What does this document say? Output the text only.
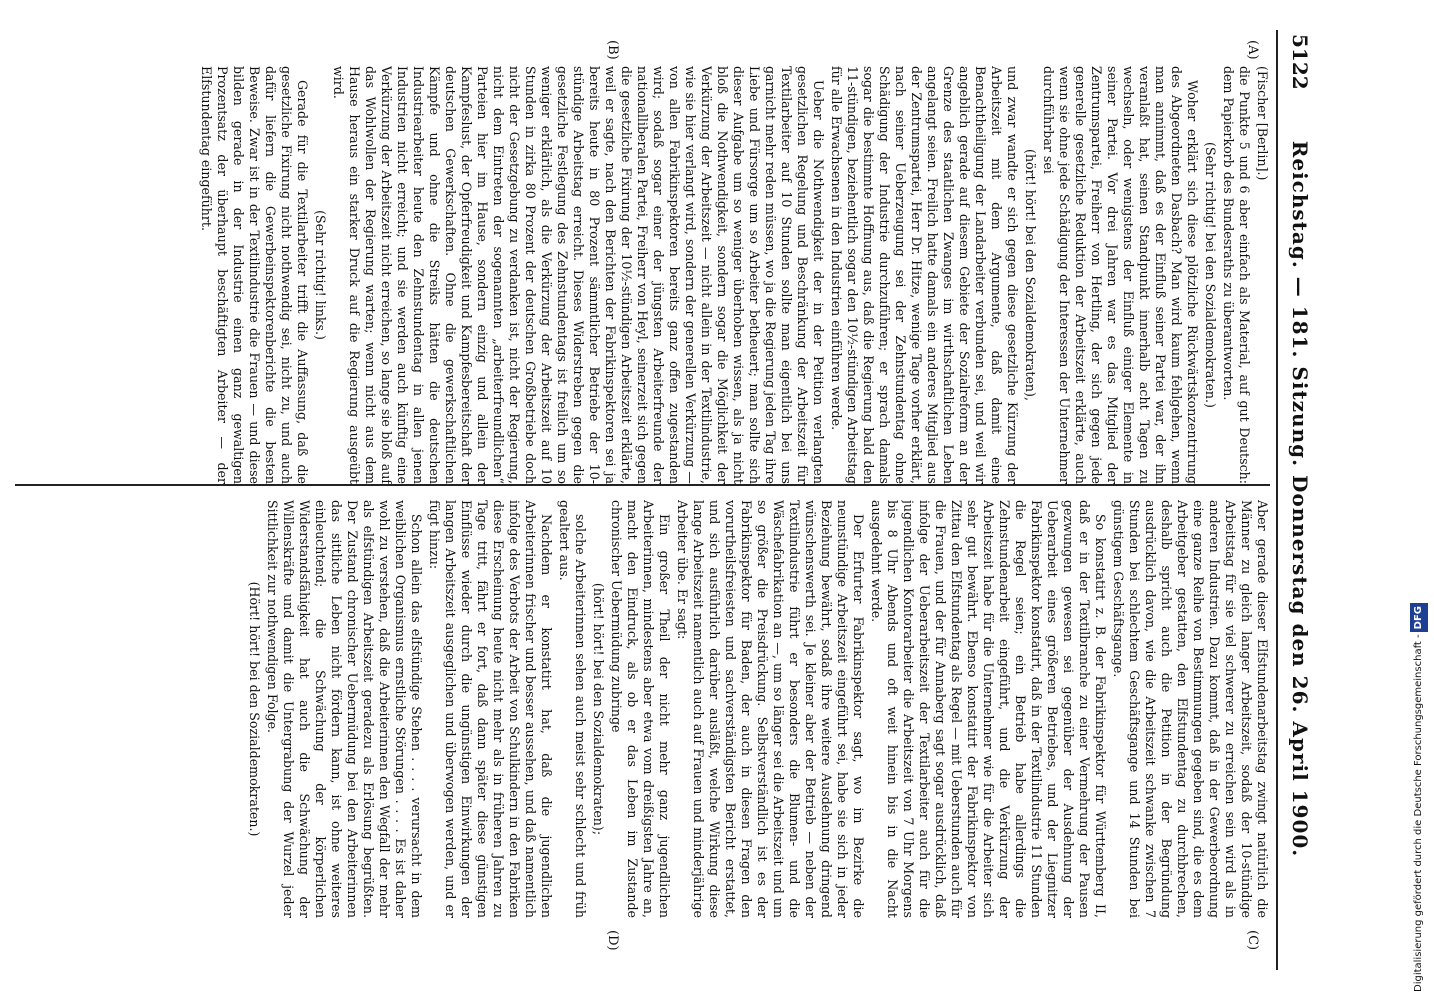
5122
Reichstag. — 181. Sitzung. Donnerstag den 26. April 1900.
(A)
(B)
(C)
(D)

(Fischer [Berlin].)

die Punkte 5 und 6 aber einfach als Material, auf gut Deutsch: dem Papierkorb des Bundesraths zu überantworten.

(Sehr richtig! bei den Sozialdemokraten.)

Woher erklärt sich diese plötzliche Rückwärtskonzentrirung des Abgeordneten Dasbach? Man wird kaum fehlgehen, wenn man annimmt, daß es der Einfluß seiner Partei war, der ihn veranlaßt hat, seinen Standpunkt innerhalb acht Tagen zu wechseln, oder wenigstens der Einfluß einiger Elemente in seiner Partei. Vor drei Jahren war es das Mitglied der Zentrumspartei, Freiherr von Hertling, der sich gegen jede generelle gesetzliche Reduktion der Arbeitszeit erklärte, auch wenn sie ohne jede Schädigung der Interessen der Unternehmer durchführbar sei

(hört! hört! bei den Sozialdemokraten),

und zwar wandte er sich gegen diese gesetzliche Kürzung der Arbeitszeit mit dem Argumente, daß damit eine Benachtheiligung der Landarbeiter verbunden sei, und weil wir angeblich gerade auf diesem Gebiete der Sozialreform an der Grenze des staatlichen Zwanges im wirthschaftlichen Leben angelangt seien. Freilich hatte damals ein anderes Mitglied aus der Zentrumspartei, Herr Dr. Hitze, wenige Tage vorher erklärt, nach seiner Ueberzeugung sei der Zehnstundentag ohne Schädigung der Industrie durchzuführen; er sprach damals sogar die bestimmte Hoffnung aus, daß die Regierung bald den 11-stündigen, beziehentlich sogar den 10½-stündigen Arbeitstag für alle Erwachsenen in den Industrien einführen werde.

Ueber die Nothwendigkeit der in der Petition verlangten gesetzlichen Regelung und Beschränkung der Arbeitszeit für Textilarbeiter auf 10 Stunden sollte man eigentlich bei uns garnicht mehr reden müssen, wo ja die Regierung jeden Tag ihre Liebe und Fürsorge um so Arbeiter betheuert; man sollte sich dieser Aufgabe um so weniger überhoben wissen, als ja nicht bloß die Nothwendigkeit, sondern sogar die Möglichkeit der Verkürzung der Arbeitszeit — nicht allein in der Textilindustrie, wie sie hier verlangt wird, sondern der generellen Verkürzung — von allen Fabrikinspektoren bereits ganz offen zugestanden wird; sodaß sogar einer der jüngsten Arbeiterfreunde der nationalliberalen Partei, Freiherr von Heyl, seinerzeit sich gegen die gesetzliche Fixirung der 10½-stündigen Arbeitszeit erklärte, weil er sagte, nach den Berichten der Fabrikinspektoren sei ja bereits heute in 80 Prozent sämmtlicher Betriebe der 10-stündige Arbeitstag erreicht. Dieses Widerstreben gegen die gesetzliche Festlegung des Zehnstundentags ist freilich um so weniger erklärlich, als die Verkürzung der Arbeitszeit auf 10 Stunden in zirka 80 Prozent der deutschen Großbetriebe doch nicht der Gesetzgebung zu verdanken ist, nicht der Regierung, nicht dem Eintreten der sogenannten „arbeiterfreundlichen“ Parteien hier im Hause, sondern einzig und allein der Kampfeslust, der Opferfreudigkeit und Kampfesbereitschaft der deutschen Gewerkschaften. Ohne die gewerkschaftlichen Kämpfe und ohne die Streiks hätten die deutschen Industriearbeiter heute den Zehnstundentag in allen jenen Industrien nicht erreicht; und sie werden auch künftig eine Verkürzung der Arbeitszeit nicht erreichen, so lange sie bloß auf das Wohlwollen der Regierung warten; wenn nicht aus dem Hause heraus ein starker Druck auf die Regierung ausgeübt wird.

(Sehr richtig! links.)

Gerade für die Textilarbeiter trifft die Auffassung, daß die gesetzliche Fixirung nicht nothwendig sei, nicht zu, und auch dafür liefern die Gewerbeinspektorenberichte die besten Beweise. Zwar ist in der Textilindustrie die Frauen — und diese bilden gerade in der Industrie einen ganz gewaltigen Prozentsatz der überhaupt beschäftigten Arbeiter — der Elfstundentag eingeführt.

Aber gerade dieser Elfstundenarbeitstag zwingt natürlich die Männer zu gleich langer Arbeitszeit, sodaß der 10-stündige Arbeitstag für sie viel schwerer zu erreichen sein wird als in anderen Industrien. Dazu kommt, daß in der Gewerbeordnung eine ganze Reihe von Bestimmungen gegeben sind, die es dem Arbeitgeber gestatten, den Elfstundentag zu durchbrechen, deshalb spricht auch die Petition in der Begründung ausdrücklich davon, wie die Arbeitszeit schwanke zwischen 7 Stunden bei schlechtem Geschäftsgange und 14 Stunden bei günstigem Geschäftsgange.

So konstatirt z. B. der Fabrikinspektor für Württemberg II, daß er in der Textilbranche zu einer Vermehrung der Pausen gezwungen gewesen sei gegenüber der Ausdehnung der Ueberarbeit eines größeren Betriebes, und der Liegnitzer Fabrikinspektor konstatirt, daß in der Textilindustrie 11 Stunden die Regel seien; ein Betrieb habe allerdings die Zehnstundenarbeit eingeführt, und die Verkürzung der Arbeitszeit habe für die Unternehmer wie für die Arbeiter sich sehr gut bewährt. Ebenso konstatirt der Fabrikinspektor von Zittau den Elfstundentag als Regel — mit Ueberstunden auch für die Frauen, und der für Annaberg sagt sogar ausdrücklich, daß infolge der Ueberarbeitszeit der Textilarbeiter auch für die jugendlichen Kontorarbeiter die Arbeitszeit von 7 Uhr Morgens bis 8 Uhr Abends und oft weit hinein bis in die Nacht ausgedehnt werde.

Der Erfurter Fabrikinspektor sagt, wo im Bezirke die neunstündige Arbeitszeit eingeführt sei, habe sie sich in jeder Beziehung bewährt, sodaß ihre weitere Ausdehnung dringend wünschenswerth sei. Je kleiner aber der Betrieb — neben der Textilindustrie führt er besonders die Blumen- und die Wäschefabrikation an —, um so länger sei die Arbeitszeit und um so größer die Preisdrückung. Selbstverständlich ist es der Fabrikinspektor für Baden, der auch in diesen Fragen den vorurtheilsfreiesten und sachverständigsten Bericht erstattet, und sich ausführlich darüber ausläßt, welche Wirkung diese lange Arbeitszeit namentlich auch auf Frauen und minderjährige Arbeiter übe. Er sagt:

Ein großer Theil der nicht mehr ganz jugendlichen Arbeiterinnen, mindestens aber etwa vom dreißigsten Jahre an, macht den Eindruck, als ob er das Leben im Zustande chronischer Uebermüdung zubringe

(hört! hört! bei den Sozialdemokraten);

solche Arbeiterinnen sehen auch meist sehr schlecht und früh gealtert aus.

Nachdem er konstatirt hat, daß die jugendlichen Arbeiterinnen frischer und besser aussehen, und daß namentlich infolge des Verbots der Arbeit von Schulkindern in den Fabriken diese Erscheinung heute nicht mehr als in früheren Jahren zu Tage tritt, fährt er fort, daß dann später diese günstigen Einflüsse wieder durch die ungünstigen Einwirkungen der langen Arbeitszeit ausgeglichen und überwogen werden, und er fügt hinzu:

Schon allein das elfstündige Stehen . . . . verursacht in dem weiblichen Organismus ernstliche Störungen . . . . Es ist daher wohl zu verstehen, daß die Arbeiterinnen den Wegfall der mehr als elfstündigen Arbeitszeit geradezu als Erlösung begrüßten. Der Zustand chronischer Uebermüdung bei den Arbeiterinnen das sittliche Leben nicht fördern kann, ist ohne weiteres einleuchtend; die Schwächung der körperlichen Widerstandsfähigkeit hat auch die Schwächung der Willenskräfte und damit die Untergrabung der Wurzel jeder Sittlichkeit zur nothwendigen Folge.

(Hört! hört! bei den Sozialdemokraten.)	Digitalisierung gefördert durch die Deutsche Forschungsgemeinschaft -DFG
